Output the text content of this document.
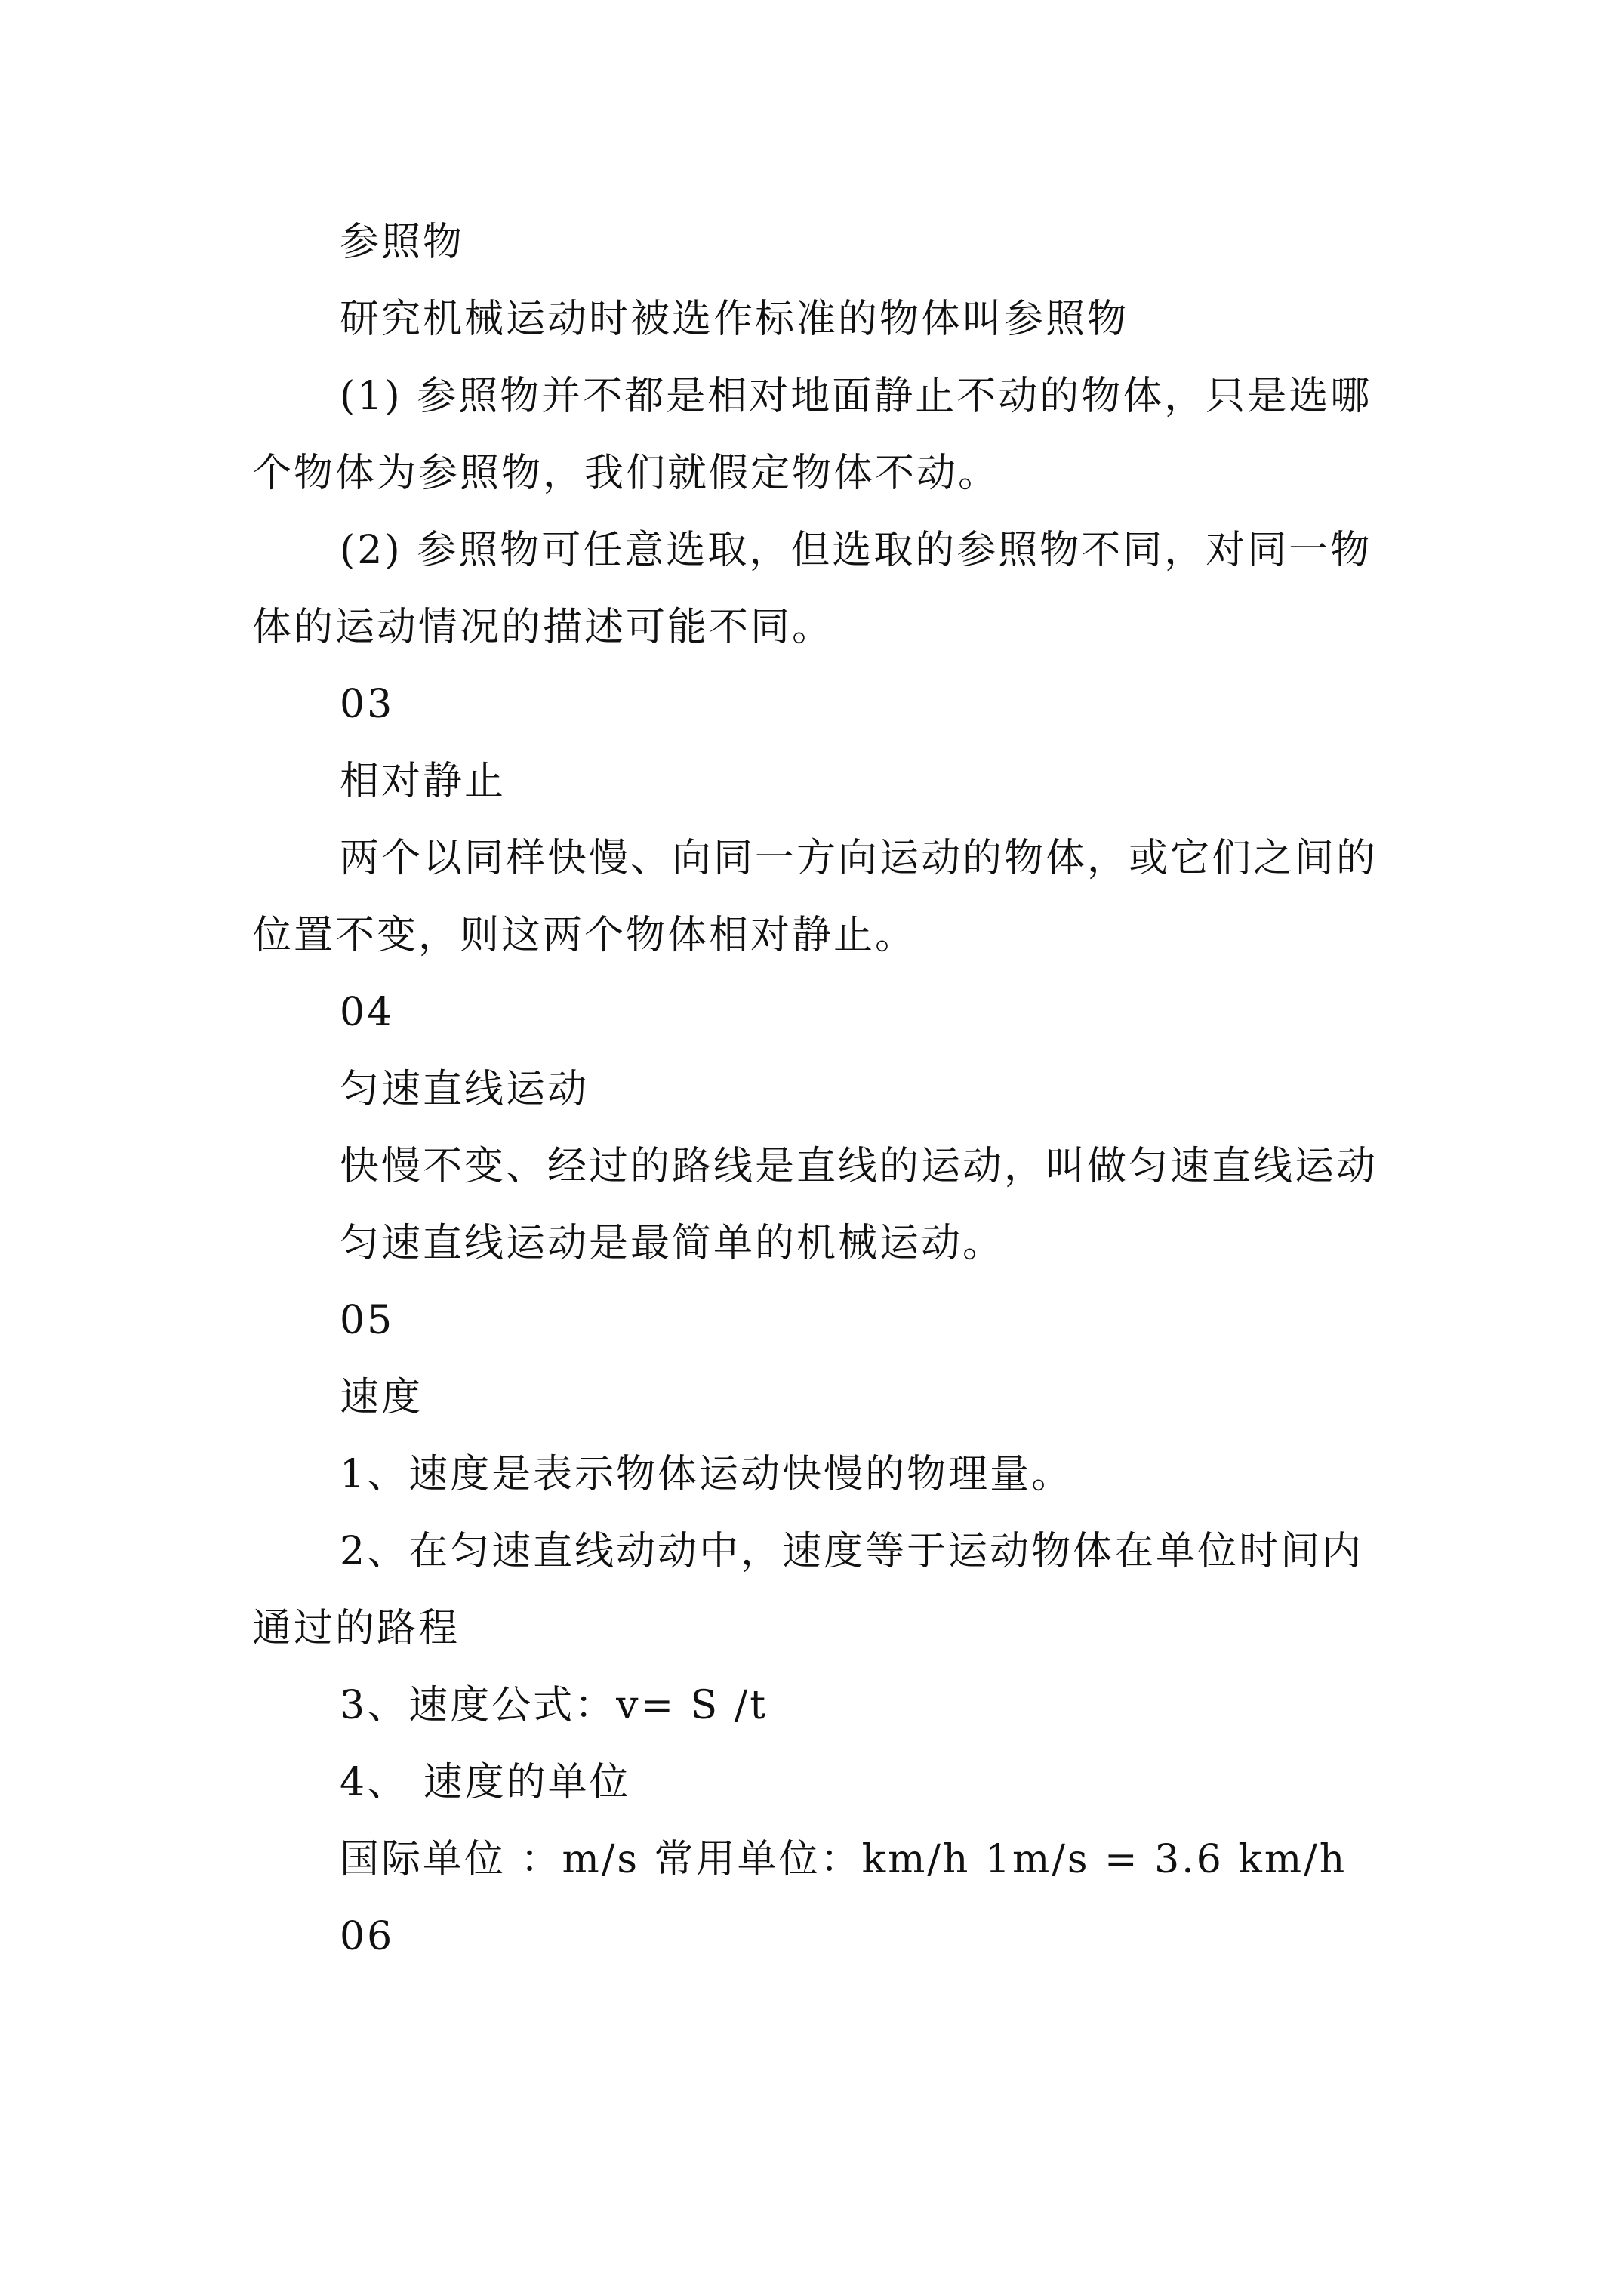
参照物

研究机械运动时被选作标准的物体叫参照物

(1) 参照物并不都是相对地面静止不动的物体，只是选哪个物体为参照物，我们就假定物体不动。

(2) 参照物可任意选取，但选取的参照物不同，对同一物体的运动情况的描述可能不同。

03

相对静止

两个以同样快慢、向同一方向运动的物体，或它们之间的位置不变，则这两个物体相对静止。

04

匀速直线运动

快慢不变、经过的路线是直线的运动，叫做匀速直线运动

匀速直线运动是最简单的机械运动。

05

速度

1、速度是表示物体运动快慢的物理量。

2、在匀速直线动动中，速度等于运动物体在单位时间内通过的路程

3、速度公式：v= S /t

4、 速度的单位

国际单位 ：m/s 常用单位：km/h 1m/s = 3.6 km/h

06
